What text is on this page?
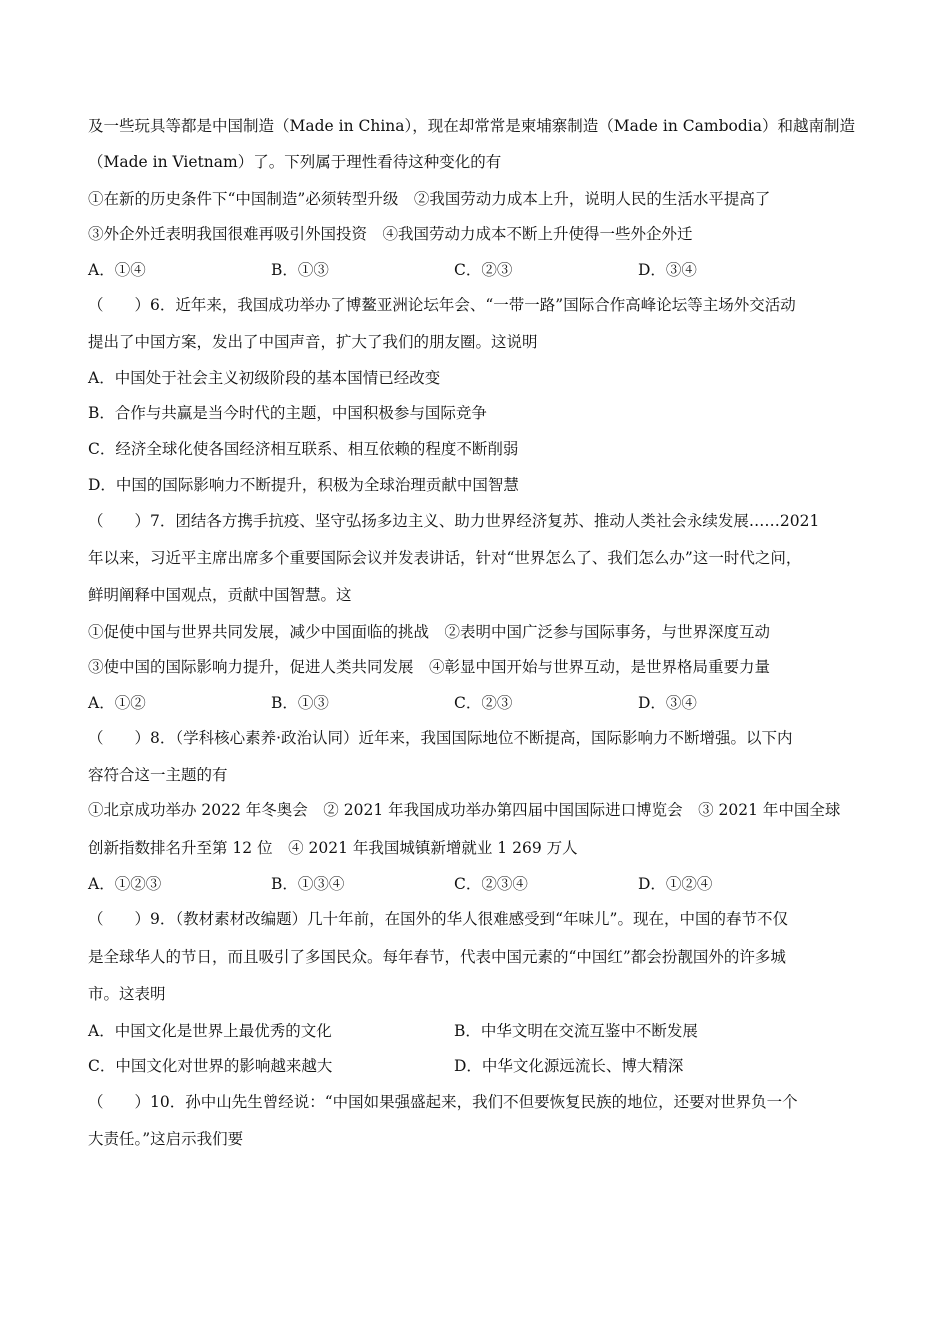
及一些玩具等都是中国制造（Made in China），现在却常常是柬埔寨制造（Made in Cambodia）和越南制造
（Made in Vietnam）了。下列属于理性看待这种变化的有
①在新的历史条件下“中国制造”必须转型升级　②我国劳动力成本上升，说明人民的生活水平提高了
③外企外迁表明我国很难再吸引外国投资　④我国劳动力成本不断上升使得一些外企外迁
A．①④	B．①③	C．②③	D．③④
（　　）6．近年来，我国成功举办了博鳌亚洲论坛年会、“一带一路”国际合作高峰论坛等主场外交活动
提出了中国方案，发出了中国声音，扩大了我们的朋友圈。这说明
A．中国处于社会主义初级阶段的基本国情已经改变
B．合作与共赢是当今时代的主题，中国积极参与国际竞争
C．经济全球化使各国经济相互联系、相互依赖的程度不断削弱
D．中国的国际影响力不断提升，积极为全球治理贡献中国智慧
（　　）7．团结各方携手抗疫、坚守弘扬多边主义、助力世界经济复苏、推动人类社会永续发展……2021
年以来，习近平主席出席多个重要国际会议并发表讲话，针对“世界怎么了、我们怎么办”这一时代之问，
鲜明阐释中国观点，贡献中国智慧。这
①促使中国与世界共同发展，减少中国面临的挑战　②表明中国广泛参与国际事务，与世界深度互动
③使中国的国际影响力提升，促进人类共同发展　④彰显中国开始与世界互动，是世界格局重要力量
A．①②	B．①③	C．②③	D．③④
（　　）8．（学科核心素养·政治认同）近年来，我国国际地位不断提高，国际影响力不断增强。以下内
容符合这一主题的有
①北京成功举办 2022 年冬奥会　② 2021 年我国成功举办第四届中国国际进口博览会　③ 2021 年中国全球
创新指数排名升至第 12 位　④ 2021 年我国城镇新增就业 1 269 万人
A．①②③	B．①③④	C．②③④	D．①②④
（　　）9．（教材素材改编题）几十年前，在国外的华人很难感受到“年味儿”。现在，中国的春节不仅
是全球华人的节日，而且吸引了多国民众。每年春节，代表中国元素的“中国红”都会扮靓国外的许多城
市。这表明
A．中国文化是世界上最优秀的文化	B．中华文明在交流互鉴中不断发展
C．中国文化对世界的影响越来越大	D．中华文化源远流长、博大精深
（　　）10．孙中山先生曾经说：“中国如果强盛起来，我们不但要恢复民族的地位，还要对世界负一个
大责任。”这启示我们要
